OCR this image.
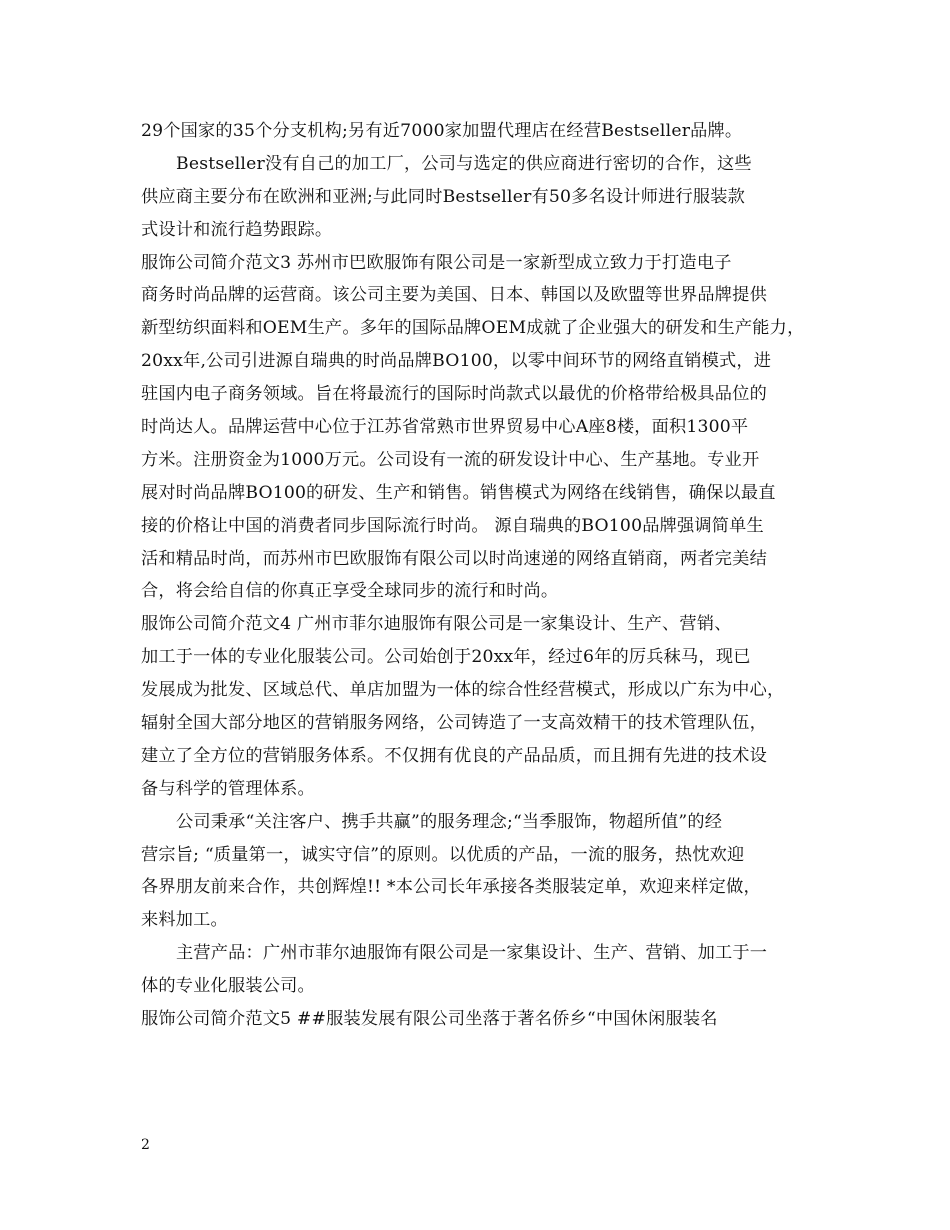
29个国家的35个分支机构;另有近7000家加盟代理店在经营Bestseller品牌。
Bestseller没有自己的加工厂，公司与选定的供应商进行密切的合作，这些
供应商主要分布在欧洲和亚洲;与此同时Bestseller有50多名设计师进行服装款
式设计和流行趋势跟踪。
服饰公司简介范文3 苏州市巴欧服饰有限公司是一家新型成立致力于打造电子
商务时尚品牌的运营商。该公司主要为美国、日本、韩国以及欧盟等世界品牌提供
新型纺织面料和OEM生产。多年的国际品牌OEM成就了企业强大的研发和生产能力，
20xx年,公司引进源自瑞典的时尚品牌BO100，以零中间环节的网络直销模式，进
驻国内电子商务领域。旨在将最流行的国际时尚款式以最优的价格带给极具品位的
时尚达人。品牌运营中心位于江苏省常熟市世界贸易中心A座8楼，面积1300平
方米。注册资金为1000万元。公司设有一流的研发设计中心、生产基地。专业开
展对时尚品牌BO100的研发、生产和销售。销售模式为网络在线销售，确保以最直
接的价格让中国的消费者同步国际流行时尚。 源自瑞典的BO100品牌强调简单生
活和精品时尚，而苏州市巴欧服饰有限公司以时尚速递的网络直销商，两者完美结
合，将会给自信的你真正享受全球同步的流行和时尚。
服饰公司简介范文4 广州市菲尔迪服饰有限公司是一家集设计、生产、营销、
加工于一体的专业化服装公司。公司始创于20xx年，经过6年的厉兵秣马，现已
发展成为批发、区域总代、单店加盟为一体的综合性经营模式，形成以广东为中心，
辐射全国大部分地区的营销服务网络，公司铸造了一支高效精干的技术管理队伍，
建立了全方位的营销服务体系。不仅拥有优良的产品品质，而且拥有先进的技术设
备与科学的管理体系。
公司秉承“关注客户、携手共赢”的服务理念;“当季服饰，物超所值”的经
营宗旨; “质量第一，诚实守信”的原则。以优质的产品，一流的服务，热忱欢迎
各界朋友前来合作，共创辉煌!! *本公司长年承接各类服装定单，欢迎来样定做，
来料加工。
主营产品：广州市菲尔迪服饰有限公司是一家集设计、生产、营销、加工于一
体的专业化服装公司。
服饰公司简介范文5 ##服装发展有限公司坐落于著名侨乡“中国休闲服装名
2
